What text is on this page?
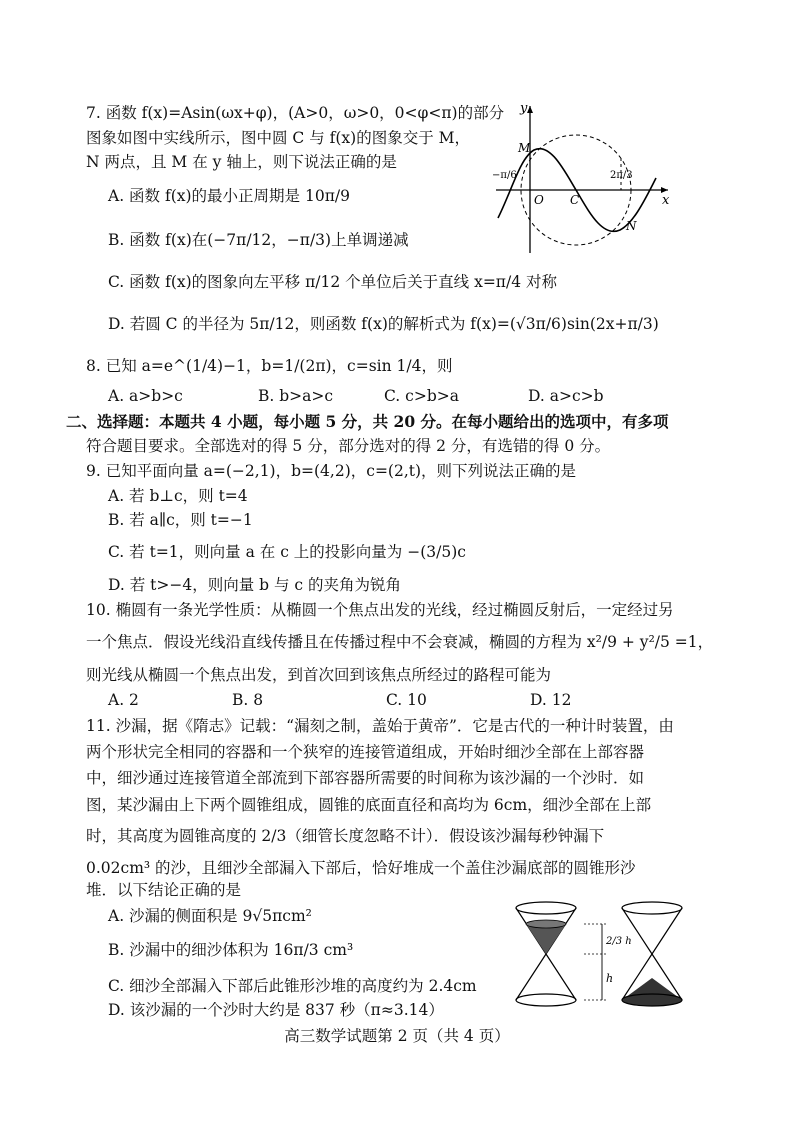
7. 函数 f(x)=Asin(ωx+φ)，(A>0，ω>0，0<φ<π)的部分
图象如图中实线所示，图中圆 C 与 f(x)的图象交于 M，
N 两点，且 M 在 y 轴上，则下说法正确的是
A. 函数 f(x)的最小正周期是 10π/9
B. 函数 f(x)在(−7π/12，−π/3)上单调递减
C. 函数 f(x)的图象向左平移 π/12 个单位后关于直线 x=π/4 对称
D. 若圆 C 的半径为 5π/12，则函数 f(x)的解析式为 f(x)=(√3π/6)sin(2x+π/3)
y
x
M
N
O C
−π/6	2π/3
8. 已知 a=e^(1/4)−1，b=1/(2π)，c=sin 1/4，则
A. a>b>c	B. b>a>c	C. c>b>a	D. a>c>b
二、选择题：本题共 4 小题，每小题 5 分，共 20 分。在每小题给出的选项中，有多项
符合题目要求。全部选对的得 5 分，部分选对的得 2 分，有选错的得 0 分。
9. 已知平面向量 a=(−2,1)，b=(4,2)，c=(2,t)，则下列说法正确的是
A. 若 b⊥c，则 t=4
B. 若 a∥c，则 t=−1
C. 若 t=1，则向量 a 在 c 上的投影向量为 −(3/5)c
D. 若 t>−4，则向量 b 与 c 的夹角为锐角
10. 椭圆有一条光学性质：从椭圆一个焦点出发的光线，经过椭圆反射后，一定经过另
一个焦点．假设光线沿直线传播且在传播过程中不会衰减，椭圆的方程为 x²/9 + y²/5 =1，
则光线从椭圆一个焦点出发，到首次回到该焦点所经过的路程可能为
A. 2	B. 8	C. 10	D. 12
11. 沙漏，据《隋志》记载：“漏刻之制，盖始于黄帝”．它是古代的一种计时装置，由
两个形状完全相同的容器和一个狭窄的连接管道组成，开始时细沙全部在上部容器
中，细沙通过连接管道全部流到下部容器所需要的时间称为该沙漏的一个沙时．如
图，某沙漏由上下两个圆锥组成，圆锥的底面直径和高均为 6cm，细沙全部在上部
时，其高度为圆锥高度的 2/3（细管长度忽略不计）．假设该沙漏每秒钟漏下
0.02cm³ 的沙，且细沙全部漏入下部后，恰好堆成一个盖住沙漏底部的圆锥形沙
堆．以下结论正确的是
A. 沙漏的侧面积是 9√5πcm²
B. 沙漏中的细沙体积为 16π/3 cm³
C. 细沙全部漏入下部后此锥形沙堆的高度约为 2.4cm
D. 该沙漏的一个沙时大约是 837 秒（π≈3.14）
2/3 h
h
高三数学试题第 2 页（共 4 页）
